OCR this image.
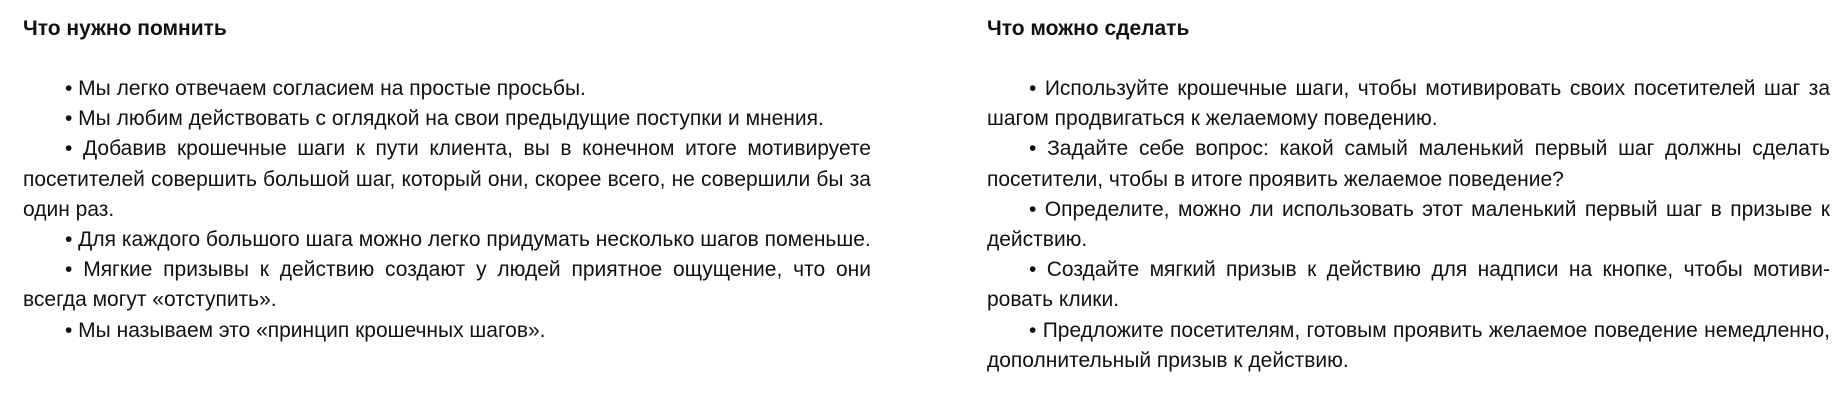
Что нужно помнить

• Мы легко отвечаем согласием на простые просьбы.

• Мы любим действовать с оглядкой на свои предыдущие поступки и мнения.

• Добавив крошечные шаги к пути клиента, вы в конечном итоге мотивируете посетителей совершить большой шаг, который они, скорее всего, не совершили бы за один раз.

• Для каждого большого шага можно легко придумать несколько шагов поменьше.

• Мягкие призывы к действию создают у людей приятное ощущение, что они всегда могут «отступить».

• Мы называем это «принцип крошечных шагов».

Что можно сделать

• Используйте крошечные шаги, чтобы мотивировать своих посетителей шаг за шагом продвигаться к желаемому поведению.

• Задайте себе вопрос: какой самый маленький первый шаг должны сделать посетители, чтобы в итоге проявить желаемое поведение?

• Определите, можно ли использовать этот маленький первый шаг в призыве к действию.

• Создайте мягкий призыв к действию для надписи на кнопке, чтобы мотивировать клики.

• Предложите посетителям, готовым проявить желаемое поведение немедленно, дополнительный призыв к действию.
